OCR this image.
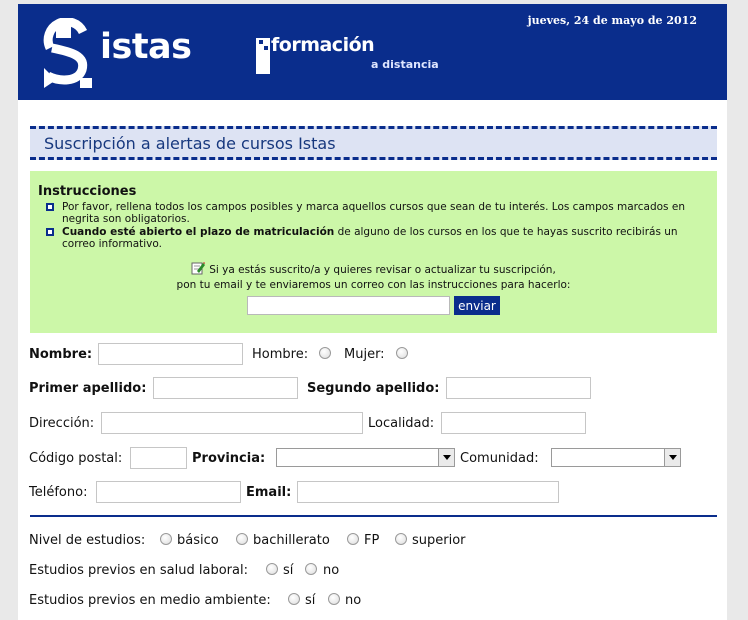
istas	formación
a distancia
jueves, 24 de mayo de 2012
Suscripción a alertas de cursos Istas
Instrucciones
Por favor, rellena todos los campos posibles y marca aquellos cursos que sean de tu interés. Los campos marcados en negrita son obligatorios.
Cuando esté abierto el plazo de matriculación de alguno de los cursos en los que te hayas suscrito recibirás un correo informativo.
Si ya estás suscrito/a y quieres revisar o actualizar tu suscripción,
pon tu email y te enviaremos un correo con las instrucciones para hacerlo:
enviar
Nombre:	Hombre:	Mujer:
Primer apellido:	Segundo apellido:
Dirección:	Localidad:
Código postal:	Provincia:	Comunidad:
Teléfono:	Email:
Nivel de estudios: básico	bachillerato	FP	superior
Estudios previos en salud laboral:	sí no
Estudios previos en medio ambiente:	sí no
